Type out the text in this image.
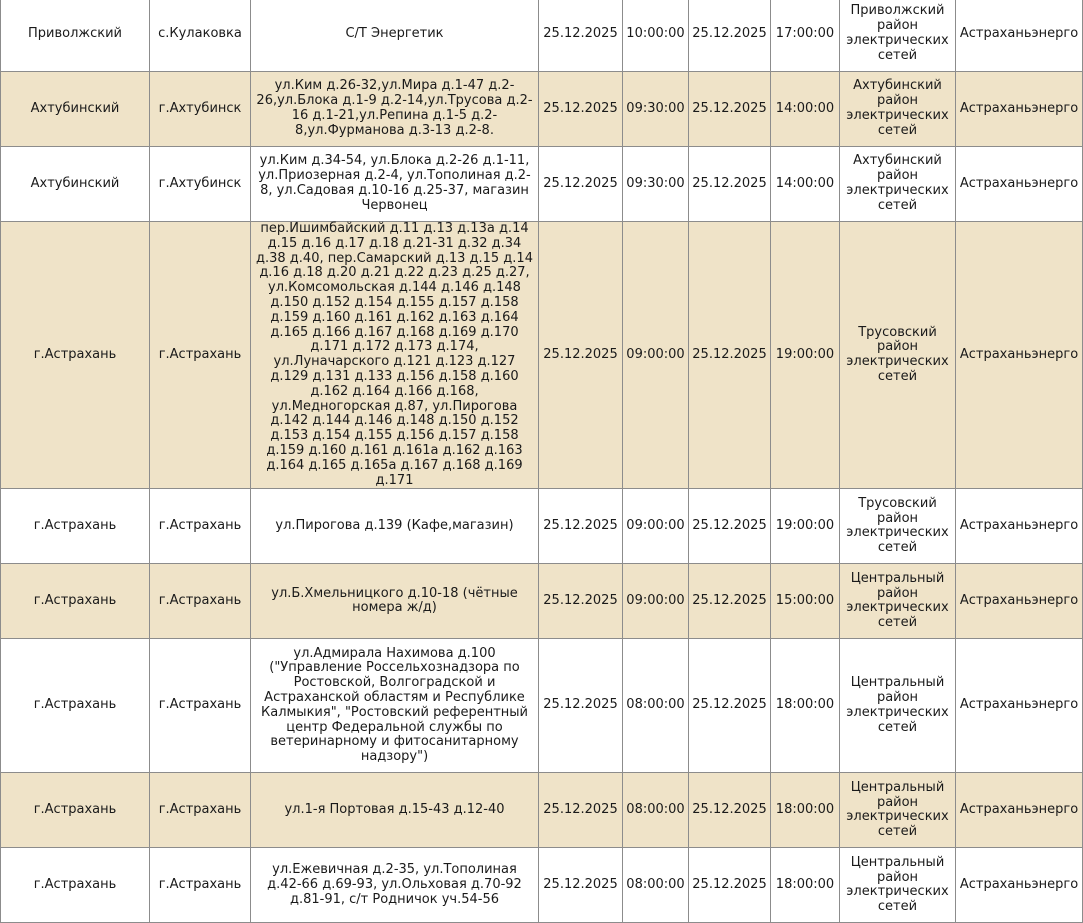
Приволжский	с.Кулаковка	С/Т Энергетик	25.12.2025	10:00:00	25.12.2025	17:00:00	Приволжский район электрических сетей	Астраханьэнерго
Ахтубинский	г.Ахтубинск	ул.Ким д.26-32,ул.Мира д.1-47 д.2-26,ул.Блока д.1-9 д.2-14,ул.Трусова д.2-16 д.1-21,ул.Репина д.1-5 д.2-8,ул.Фурманова д.3-13 д.2-8.	25.12.2025	09:30:00	25.12.2025	14:00:00	Ахтубинский район электрических сетей	Астраханьэнерго
Ахтубинский	г.Ахтубинск	ул.Ким д.34-54, ул.Блока д.2-26 д.1-11, ул.Приозерная д.2-4, ул.Тополиная д.2-8, ул.Садовая д.10-16 д.25-37, магазин Червонец	25.12.2025	09:30:00	25.12.2025	14:00:00	Ахтубинский район электрических сетей	Астраханьэнерго
г.Астрахань	г.Астрахань	пер.Ишимбайский д.11 д.13 д.13а д.14 д.15 д.16 д.17 д.18 д.21-31 д.32 д.34 д.38 д.40, пер.Самарский д.13 д.15 д.14 д.16 д.18 д.20 д.21 д.22 д.23 д.25 д.27, ул.Комсомольская д.144 д.146 д.148 д.150 д.152 д.154 д.155 д.157 д.158 д.159 д.160 д.161 д.162 д.163 д.164 д.165 д.166 д.167 д.168 д.169 д.170 д.171 д.172 д.173 д.174, ул.Луначарского д.121 д.123 д.127 д.129 д.131 д.133 д.156 д.158 д.160 д.162 д.164 д.166 д.168, ул.Медногорская д.87, ул.Пирогова д.142 д.144 д.146 д.148 д.150 д.152 д.153 д.154 д.155 д.156 д.157 д.158 д.159 д.160 д.161 д.161а д.162 д.163 д.164 д.165 д.165а д.167 д.168 д.169 д.171	25.12.2025	09:00:00	25.12.2025	19:00:00	Трусовский район электрических сетей	Астраханьэнерго
г.Астрахань	г.Астрахань	ул.Пирогова д.139 (Кафе,магазин)	25.12.2025	09:00:00	25.12.2025	19:00:00	Трусовский район электрических сетей	Астраханьэнерго
г.Астрахань	г.Астрахань	ул.Б.Хмельницкого д.10-18 (чётные номера ж/д)	25.12.2025	09:00:00	25.12.2025	15:00:00	Центральный район электрических сетей	Астраханьэнерго
г.Астрахань	г.Астрахань	ул.Адмирала Нахимова д.100 ("Управление Россельхознадзора по Ростовской, Волгоградской и Астраханской областям и Республике Калмыкия", "Ростовский референтный центр Федеральной службы по ветеринарному и фитосанитарному надзору")	25.12.2025	08:00:00	25.12.2025	18:00:00	Центральный район электрических сетей	Астраханьэнерго
г.Астрахань	г.Астрахань	ул.1-я Портовая д.15-43 д.12-40	25.12.2025	08:00:00	25.12.2025	18:00:00	Центральный район электрических сетей	Астраханьэнерго
г.Астрахань	г.Астрахань	ул.Ежевичная д.2-35, ул.Тополиная д.42-66 д.69-93, ул.Ольховая д.70-92 д.81-91, с/т Родничок уч.54-56	25.12.2025	08:00:00	25.12.2025	18:00:00	Центральный район электрических сетей	Астраханьэнерго
